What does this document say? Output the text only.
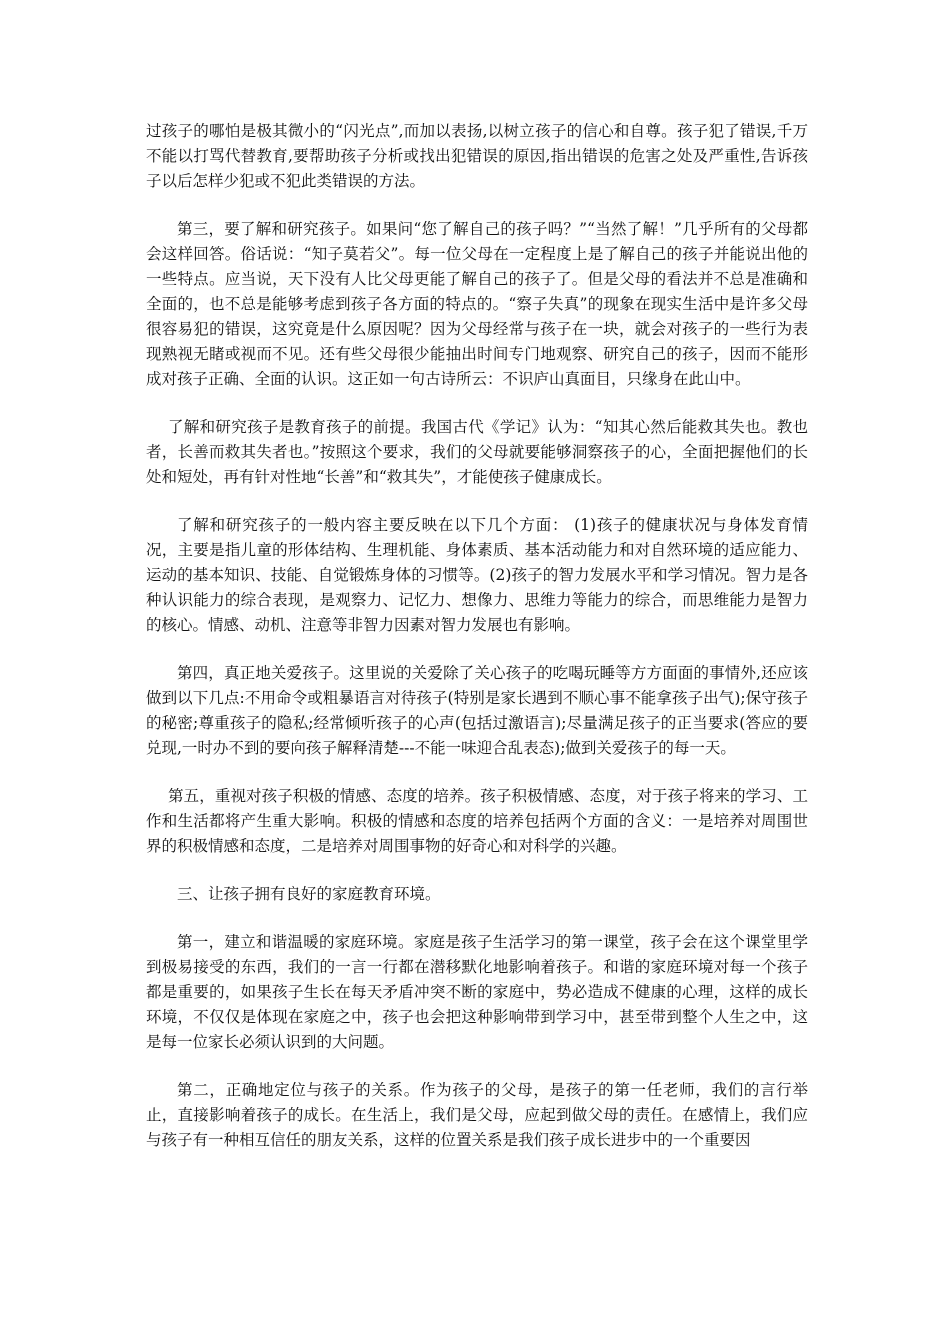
过孩子的哪怕是极其微小的“闪光点”,而加以表扬,以树立孩子的信心和自尊。孩子犯了错误,千万不能以打骂代替教育,要帮助孩子分析或找出犯错误的原因,指出错误的危害之处及严重性,告诉孩子以后怎样少犯或不犯此类错误的方法。

第三，要了解和研究孩子。如果问“您了解自己的孩子吗？”“当然了解！”几乎所有的父母都会这样回答。俗话说：“知子莫若父”。每一位父母在一定程度上是了解自己的孩子并能说出他的一些特点。应当说，天下没有人比父母更能了解自己的孩子了。但是父母的看法并不总是准确和全面的，也不总是能够考虑到孩子各方面的特点的。“察子失真”的现象在现实生活中是许多父母很容易犯的错误，这究竟是什么原因呢？因为父母经常与孩子在一块，就会对孩子的一些行为表现熟视无睹或视而不见。还有些父母很少能抽出时间专门地观察、研究自己的孩子，因而不能形成对孩子正确、全面的认识。这正如一句古诗所云：不识庐山真面目，只缘身在此山中。

了解和研究孩子是教育孩子的前提。我国古代《学记》认为：“知其心然后能救其失也。教也者，长善而救其失者也。”按照这个要求，我们的父母就要能够洞察孩子的心，全面把握他们的长处和短处，再有针对性地“长善”和“救其失”，才能使孩子健康成长。

了解和研究孩子的一般内容主要反映在以下几个方面： (1)孩子的健康状况与身体发育情况，主要是指儿童的形体结构、生理机能、身体素质、基本活动能力和对自然环境的适应能力、运动的基本知识、技能、自觉锻炼身体的习惯等。(2)孩子的智力发展水平和学习情况。智力是各种认识能力的综合表现，是观察力、记忆力、想像力、思维力等能力的综合，而思维能力是智力的核心。情感、动机、注意等非智力因素对智力发展也有影响。

第四，真正地关爱孩子。这里说的关爱除了关心孩子的吃喝玩睡等方方面面的事情外,还应该做到以下几点:不用命令或粗暴语言对待孩子(特别是家长遇到不顺心事不能拿孩子出气);保守孩子的秘密;尊重孩子的隐私;经常倾听孩子的心声(包括过激语言);尽量满足孩子的正当要求(答应的要兑现,一时办不到的要向孩子解释清楚---不能一味迎合乱表态);做到关爱孩子的每一天。

第五，重视对孩子积极的情感、态度的培养。孩子积极情感、态度，对于孩子将来的学习、工作和生活都将产生重大影响。积极的情感和态度的培养包括两个方面的含义：一是培养对周围世界的积极情感和态度，二是培养对周围事物的好奇心和对科学的兴趣。

三、让孩子拥有良好的家庭教育环境。

第一，建立和谐温暖的家庭环境。家庭是孩子生活学习的第一课堂，孩子会在这个课堂里学到极易接受的东西，我们的一言一行都在潜移默化地影响着孩子。和谐的家庭环境对每一个孩子都是重要的，如果孩子生长在每天矛盾冲突不断的家庭中，势必造成不健康的心理，这样的成长环境，不仅仅是体现在家庭之中，孩子也会把这种影响带到学习中，甚至带到整个人生之中，这是每一位家长必须认识到的大问题。

第二，正确地定位与孩子的关系。作为孩子的父母，是孩子的第一任老师，我们的言行举止，直接影响着孩子的成长。在生活上，我们是父母，应起到做父母的责任。在感情上，我们应与孩子有一种相互信任的朋友关系，这样的位置关系是我们孩子成长进步中的一个重要因
